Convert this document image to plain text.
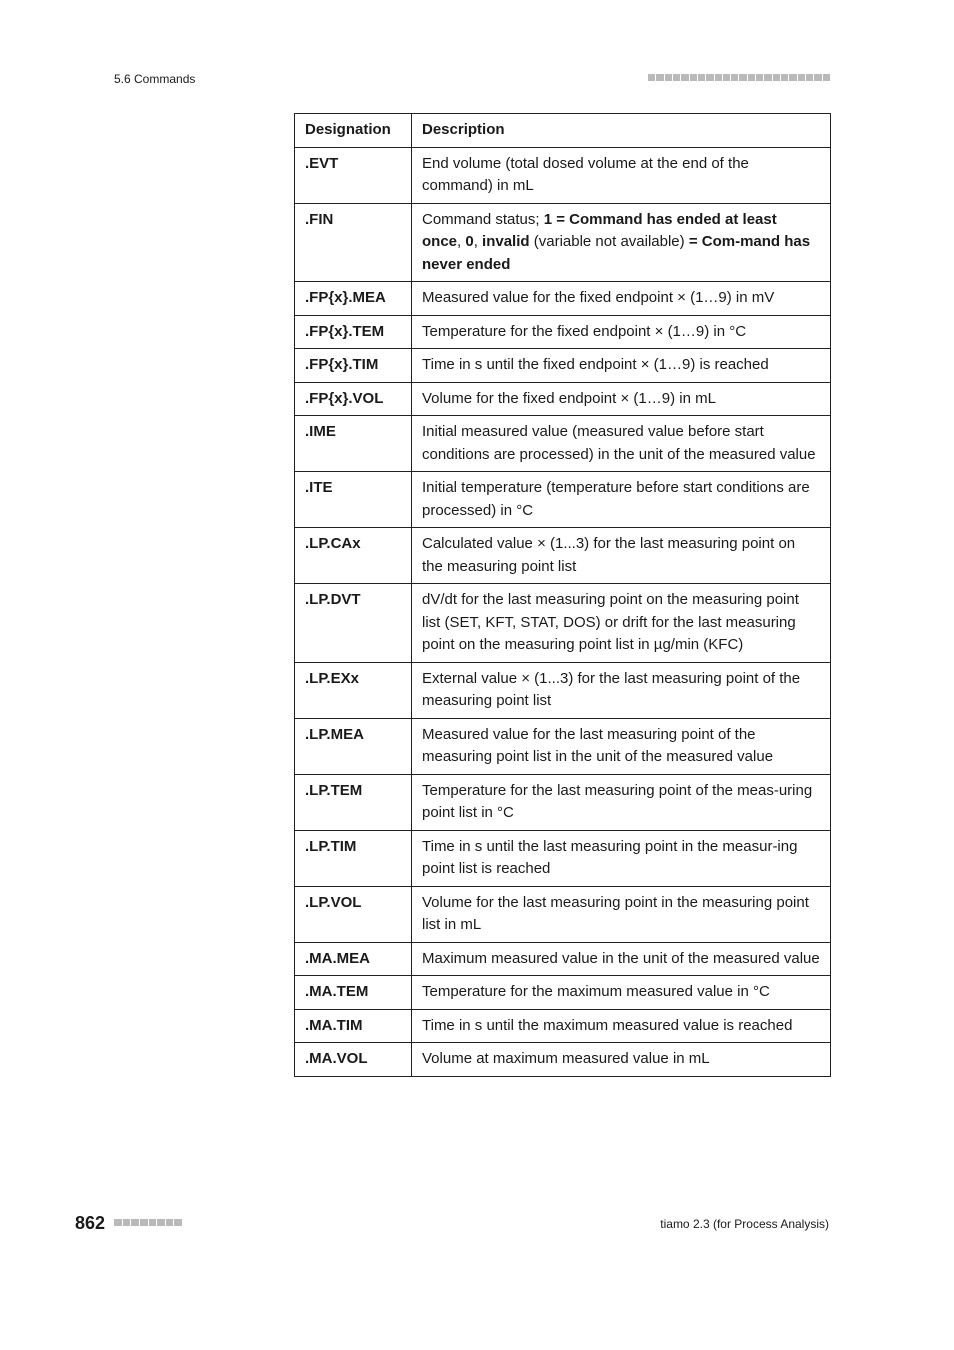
5.6 Commands
Designation	Description
.EVT	End volume (total dosed volume at the end of the command) in mL
.FIN	Command status; 1 = Command has ended at least once, 0, invalid (variable not available) = Com-mand has never ended
.FP{x}.MEA	Measured value for the fixed endpoint × (1…9) in mV
.FP{x}.TEM	Temperature for the fixed endpoint × (1…9) in °C
.FP{x}.TIM	Time in s until the fixed endpoint × (1…9) is reached
.FP{x}.VOL	Volume for the fixed endpoint × (1…9) in mL
.IME	Initial measured value (measured value before start conditions are processed) in the unit of the measured value
.ITE	Initial temperature (temperature before start conditions are processed) in °C
.LP.CAx	Calculated value × (1...3) for the last measuring point on the measuring point list
.LP.DVT	dV/dt for the last measuring point on the measuring point list (SET, KFT, STAT, DOS) or drift for the last measuring point on the measuring point list in µg/min (KFC)
.LP.EXx	External value × (1...3) for the last measuring point of the measuring point list
.LP.MEA	Measured value for the last measuring point of the measuring point list in the unit of the measured value
.LP.TEM	Temperature for the last measuring point of the meas-uring point list in °C
.LP.TIM	Time in s until the last measuring point in the measur-ing point list is reached
.LP.VOL	Volume for the last measuring point in the measuring point list in mL
.MA.MEA	Maximum measured value in the unit of the measured value
.MA.TEM	Temperature for the maximum measured value in °C
.MA.TIM	Time in s until the maximum measured value is reached
.MA.VOL	Volume at maximum measured value in mL
862	tiamo 2.3 (for Process Analysis)
